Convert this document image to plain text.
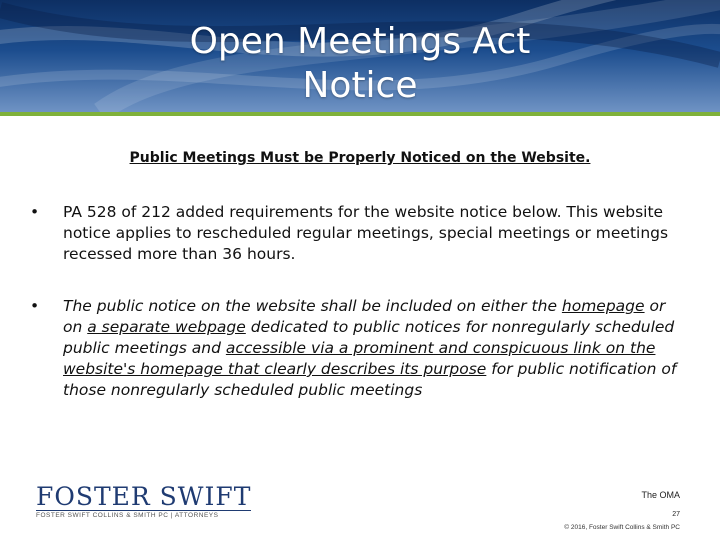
Open Meetings Act
Notice
Public Meetings Must be Properly Noticed on the Website.
• PA 528 of 212 added requirements for the website notice below. This website notice applies to rescheduled regular meetings, special meetings or meetings recessed more than 36 hours.
• The public notice on the website shall be included on either the homepage or on a separate webpage dedicated to public notices for nonregularly scheduled public meetings and accessible via a prominent and conspicuous link on the website's homepage that clearly describes its purpose for public notification of those nonregularly scheduled public meetings
FOSTER SWIFT
FOSTER SWIFT COLLINS & SMITH PC | ATTORNEYS
The OMA
27
© 2016, Foster Swift Collins & Smith PC
